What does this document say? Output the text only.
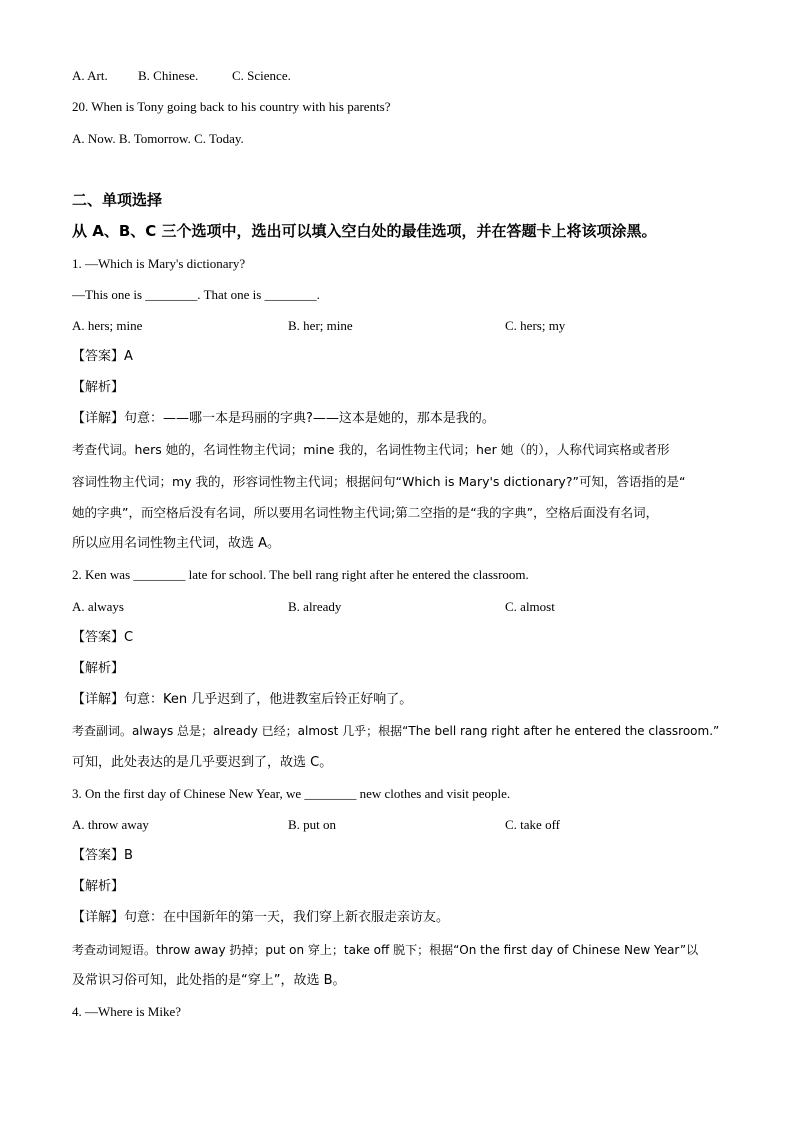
A. Art. B. Chinese.	C. Science.
20. When is Tony going back to his country with his parents?
A. Now. B. Tomorrow. C. Today.
二、单项选择
从 A、B、C 三个选项中，选出可以填入空白处的最佳选项，并在答题卡上将该项涂黑。
1. —Which is Mary's dictionary?
—This one is ________. That one is ________.
A. hers; mine	B. her; mine	C. hers; my
【答案】A
【解析】
【详解】句意：——哪一本是玛丽的字典?——这本是她的，那本是我的。
考查代词。hers 她的，名词性物主代词；mine 我的，名词性物主代词；her 她（的），人称代词宾格或者形
容词性物主代词；my 我的，形容词性物主代词；根据问句“Which is Mary's dictionary?”可知，答语指的是“
她的字典”，而空格后没有名词，所以要用名词性物主代词;第二空指的是“我的字典”，空格后面没有名词，
所以应用名词性物主代词，故选 A。
2. Ken was ________ late for school. The bell rang right after he entered the classroom.
A. always	B. already	C. almost
【答案】C
【解析】
【详解】句意：Ken 几乎迟到了，他进教室后铃正好响了。
考查副词。always 总是；already 已经；almost 几乎；根据“The bell rang right after he entered the classroom.”
可知，此处表达的是几乎要迟到了，故选 C。
3. On the first day of Chinese New Year, we ________ new clothes and visit people.
A. throw away	B. put on	C. take off
【答案】B
【解析】
【详解】句意：在中国新年的第一天，我们穿上新衣服走亲访友。
考查动词短语。throw away 扔掉；put on 穿上；take off 脱下；根据“On the first day of Chinese New Year”以
及常识习俗可知，此处指的是“穿上”，故选 B。
4. —Where is Mike?
